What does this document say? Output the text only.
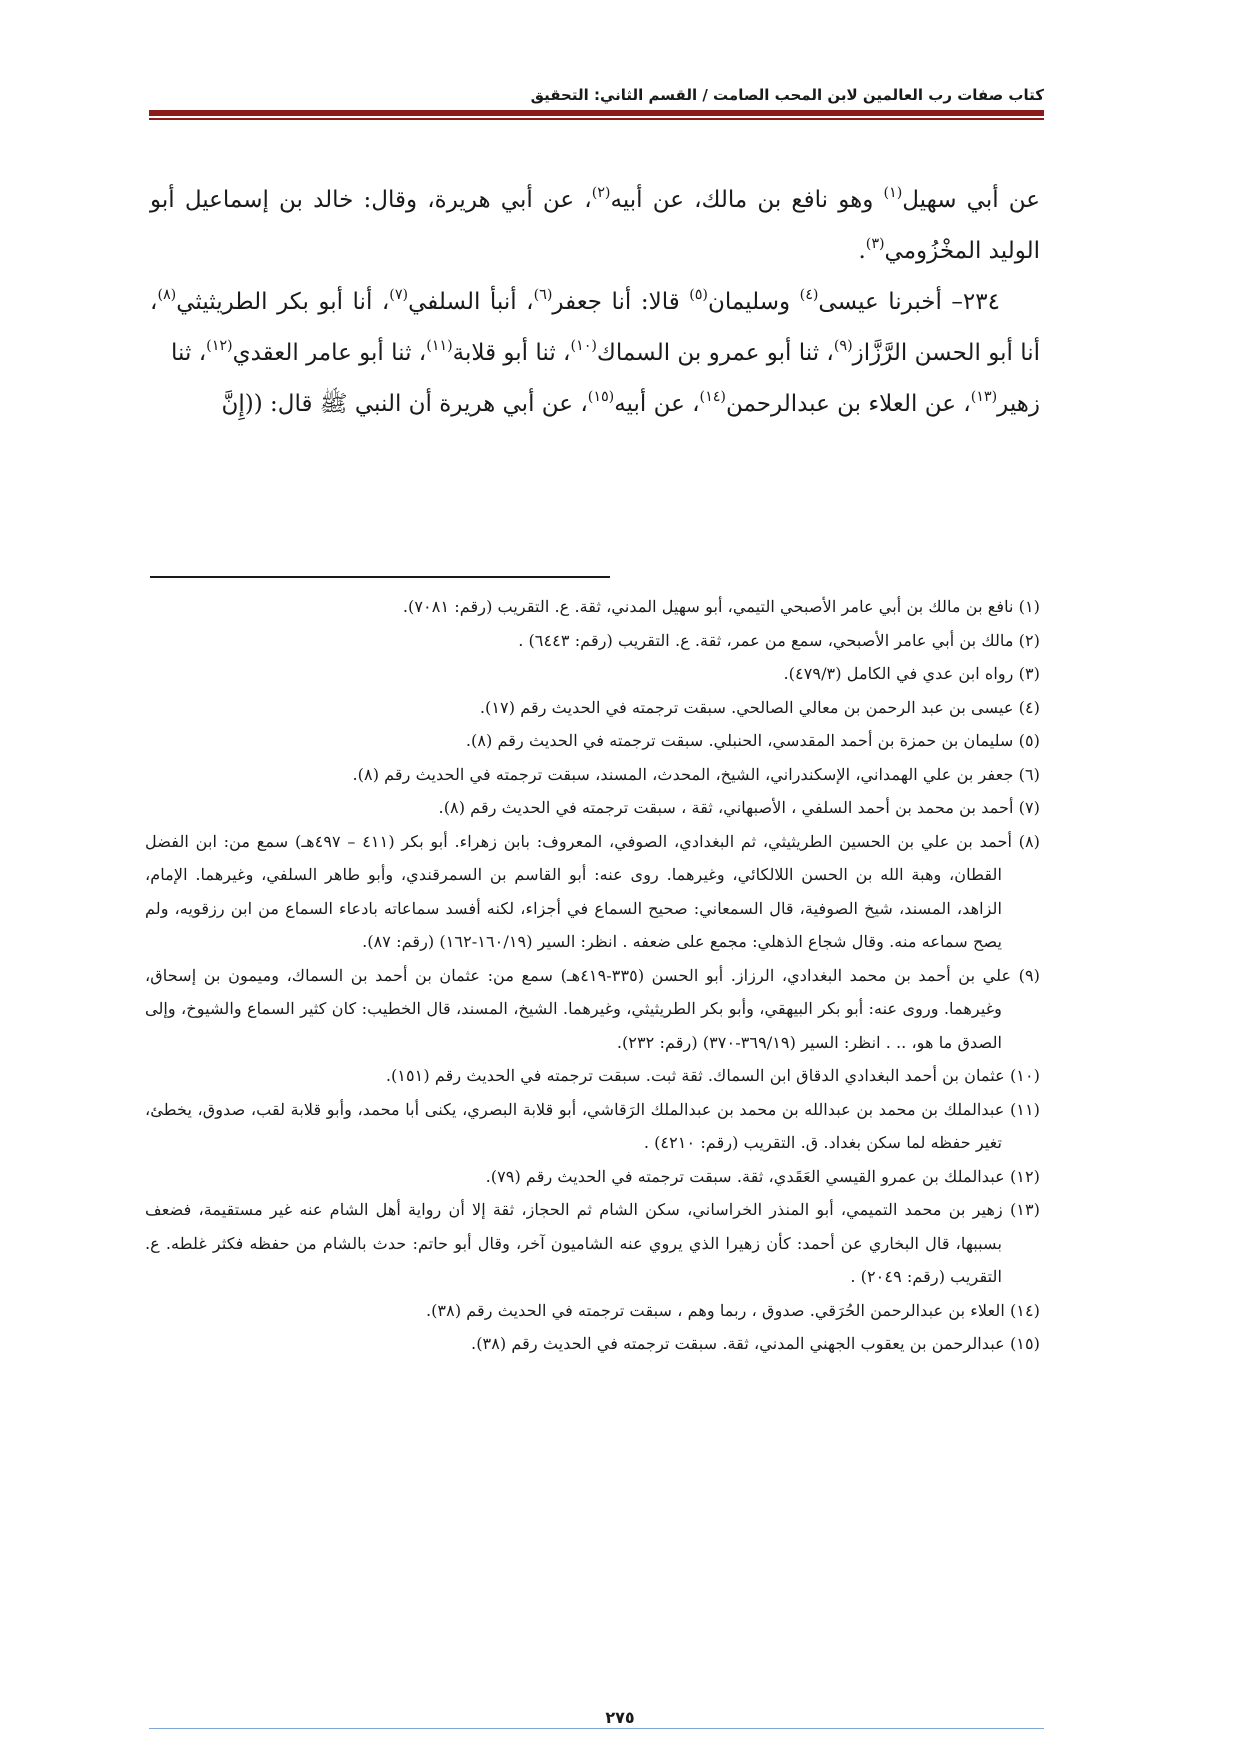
كتاب صفات رب العالمين لابن المحب الصامت / القسم الثاني: التحقيق

عن أبي سهيل$^{(١)}$ وهو نافع بن مالك، عن أبيه$^{(٢)}$، عن أبي هريرة، وقال: خالد بن إسماعيل أبو الوليد المخْزُومي$^{(٣)}$.

٢٣٤– أخبرنا عيسى$^{(٤)}$ وسليمان$^{(٥)}$ قالا: أنا جعفر$^{(٦)}$، أنبأ السلفي$^{(٧)}$، أنا أبو بكر الطريثيثي$^{(٨)}$، أنا أبو الحسن الرَّزَّاز$^{(٩)}$، ثنا أبو عمرو بن السماك$^{(١٠)}$، ثنا أبو قلابة$^{(١١)}$، ثنا أبو عامر العقدي$^{(١٢)}$، ثنا

زهير$^{(١٣)}$، عن العلاء بن عبدالرحمن$^{(١٤)}$، عن أبيه$^{(١٥)}$، عن أبي هريرة أن النبي ﷺ قال: ((إِنَّ

(١) نافع بن مالك بن أبي عامر الأصبحي التيمي، أبو سهيل المدني، ثقة. ع. التقريب (رقم: ٧٠٨١).

(٢) مالك بن أبي عامر الأصبحي، سمع من عمر، ثقة. ع. التقريب (رقم: ٦٤٤٣) .

(٣) رواه ابن عدي في الكامل (٤٧٩/٣).

(٤) عيسى بن عبد الرحمن بن معالي الصالحي. سبقت ترجمته في الحديث رقم (١٧).

(٥) سليمان بن حمزة بن أحمد المقدسي، الحنبلي. سبقت ترجمته في الحديث رقم (٨).

(٦) جعفر بن علي الهمداني، الإسكندراني، الشيخ، المحدث، المسند، سبقت ترجمته في الحديث رقم (٨).

(٧) أحمد بن محمد بن أحمد السلفي ، الأصبهاني، ثقة ، سبقت ترجمته في الحديث رقم (٨).

(٨) أحمد بن علي بن الحسين الطريثيثي، ثم البغدادي، الصوفي، المعروف: بابن زهراء. أبو بكر (٤١١ – ٤٩٧هـ) سمع من: ابن الفضل القطان، وهبة الله بن الحسن اللالكائي، وغيرهما. روى عنه: أبو القاسم بن السمرقندي، وأبو طاهر السلفي، وغيرهما. الإمام، الزاهد، المسند، شيخ الصوفية، قال السمعاني: صحيح السماع في أجزاء، لكنه أفسد سماعاته بادعاء السماع من ابن رزقويه، ولم يصح سماعه منه. وقال شجاع الذهلي: مجمع على ضعفه . انظر: السير (١٦٠/١٩-١٦٢) (رقم: ٨٧).

(٩) علي بن أحمد بن محمد البغدادي، الرزاز. أبو الحسن (٣٣٥-٤١٩هـ) سمع من: عثمان بن أحمد بن السماك، وميمون بن إسحاق، وغيرهما. وروى عنه: أبو بكر البيهقي، وأبو بكر الطريثيثي، وغيرهما. الشيخ، المسند، قال الخطيب: كان كثير السماع والشيوخ، وإلى الصدق ما هو، .. . انظر: السير (٣٦٩/١٩-٣٧٠) (رقم: ٢٣٢).

(١٠) عثمان بن أحمد البغدادي الدقاق ابن السماك. ثقة ثبت. سبقت ترجمته في الحديث رقم (١٥١).

(١١) عبدالملك بن محمد بن عبدالله بن محمد بن عبدالملك الرَقاشي، أبو قلابة البصري، يكنى أبا محمد، وأبو قلابة لقب، صدوق، يخطئ، تغير حفظه لما سكن بغداد. ق. التقريب (رقم: ٤٢١٠) .

(١٢) عبدالملك بن عمرو القيسي العَقَدي، ثقة. سبقت ترجمته في الحديث رقم (٧٩).

(١٣) زهير بن محمد التميمي، أبو المنذر الخراساني، سكن الشام ثم الحجاز، ثقة إلا أن رواية أهل الشام عنه غير مستقيمة، فضعف بسببها، قال البخاري عن أحمد: كأن زهيرا الذي يروي عنه الشاميون آخر، وقال أبو حاتم: حدث بالشام من حفظه فكثر غلطه. ع. التقريب (رقم: ٢٠٤٩) .

(١٤) العلاء بن عبدالرحمن الحُرَقي. صدوق ، ربما وهم ، سبقت ترجمته في الحديث رقم (٣٨).

(١٥) عبدالرحمن بن يعقوب الجهني المدني، ثقة. سبقت ترجمته في الحديث رقم (٣٨).

٢٧٥
